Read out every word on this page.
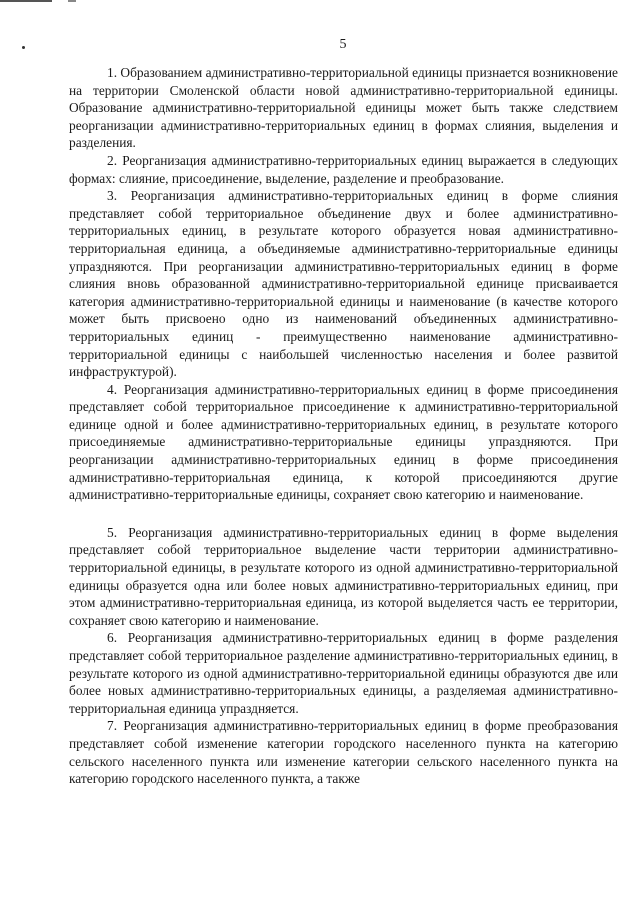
5

1. Образованием административно-территориальной единицы признается возникновение на территории Смоленской области новой административно-территориальной единицы. Образование административно-территориальной единицы может быть также следствием реорганизации административно-территориальных единиц в формах слияния, выделения и разделения.

2. Реорганизация административно-территориальных единиц выражается в следующих формах: слияние, присоединение, выделение, разделение и преобразование.

3. Реорганизация административно-территориальных единиц в форме слияния представляет собой территориальное объединение двух и более административно-территориальных единиц, в результате которого образуется новая административно-территориальная единица, а объединяемые административно-территориальные единицы упраздняются. При реорганизации административно-территориальных единиц в форме слияния вновь образованной административно-территориальной единице присваивается категория административно-территориальной единицы и наименование (в качестве которого может быть присвоено одно из наименований объединенных административно-территориальных единиц - преимущественно наименование административно-территориальной единицы с наибольшей численностью населения и более развитой инфраструктурой).

4. Реорганизация административно-территориальных единиц в форме присоединения представляет собой территориальное присоединение к административно-территориальной единице одной и более административно-территориальных единиц, в результате которого присоединяемые административно-территориальные единицы упраздняются. При реорганизации административно-территориальных единиц в форме присоединения административно-территориальная единица, к которой присоединяются другие административно-территориальные единицы, сохраняет свою категорию и наименование.

5. Реорганизация административно-территориальных единиц в форме выделения представляет собой территориальное выделение части территории административно-территориальной единицы, в результате которого из одной административно-территориальной единицы образуется одна или более новых административно-территориальных единиц, при этом административно-территориальная единица, из которой выделяется часть ее территории, сохраняет свою категорию и наименование.

6. Реорганизация административно-территориальных единиц в форме разделения представляет собой территориальное разделение административно-территориальных единиц, в результате которого из одной административно-территориальной единицы образуются две или более новых административно-территориальных единицы, а разделяемая административно-территориальная единица упраздняется.

7. Реорганизация административно-территориальных единиц в форме преобразования представляет собой изменение категории городского населенного пункта на категорию сельского населенного пункта или изменение категории сельского населенного пункта на категорию городского населенного пункта, а также
